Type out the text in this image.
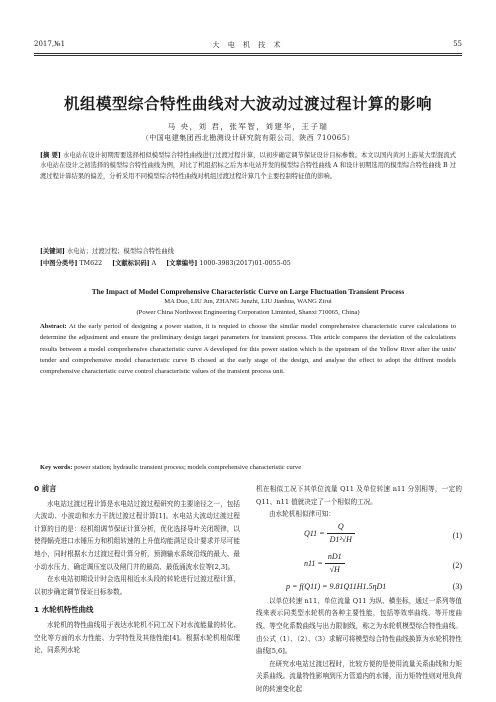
2017,№1	大 电 机 技 术	55
机组模型综合特性曲线对大波动过渡过程计算的影响
马 央，刘 君，张军智，刘建华，王子瑞
（中国电建集团西北勘测设计研究院有限公司，陕西 710065）
[摘 要] 水电站在设计初期需要选择相似模型综合特性曲线进行过渡过程计算，以初步确定调节保证设计目标参数。本文以国内黄河上游某大型混流式水电站在设计之初选择的模型综合特性曲线为例，对比了机组招标之后为本电站开发的模型综合特性曲线 A 和设计初期选用的模型综合特性曲线 B 过渡过程计算结果的偏差，分析采用不同模型综合特性曲线对机组过渡过程计算几个主要控制特征值的影响。
[关键词] 水电站；过渡过程；模型综合特性曲线
[中图分类号] TM622 [文献标识码] A [文章编号] 1000-3983(2017)01-0055-05
The Impact of Model Comprehensive Characteristic Curve on Large Fluctuation Transient Process
MA Duo, LIU Jun, ZHANG Junzhi, LIU Jianhua, WANG Zirui
(Power China Northwest Engineering Corporation Liminted, Shanxi 710065, China)
Abstract: At the early period of designing a power station, it is requied to choose the similar model comprehensive characteristic curve calculations to determine the adjustment and ensure the preliminary design target parameters for transient process. This article compares the deviation of the calculations results between a model comprehensive characteristic curve A developed for this power station which is the upstream of the Yellow River after the units' tender and comprehensive model characteristic curve B chosed at the early stage of the design, and analyse the effect to adopt the diffrent models comprehensive characteristic curve control characteristic values of the transient process unit.
Key words: power station; hydraulic transient process; models comprehensive characteristic curve
0 前言
水电站过渡过程计算是水电站过渡过程研究的主要途径之一，包括大波动、小波动和水力干扰过渡过程计算[1]。水电站大波动过渡过程计算的目的是：经机组调节保证计算分析，优化选择导叶关闭规律，以使得蜗壳进口水锤压力和机组转速的上升值均能满足设计要求并尽可能地小，同时根据水力过渡过程计算分析，预测输水系统沿线的最大、最小动水压力，确定调压室以及闸门井的最高、最低涌波水位等[2,3]。
在水电站初期设计时会选用相近水头段的转轮进行过渡过程计算，以初步确定调节保证目标参数。
1 水轮机特性曲线
水轮机的特性曲线用于表达水轮机不同工况下对水流能量的转化、空化等方面的水力性能、力学特性及其他性能[4]。根据水轮机相似理论，同系列水轮
机在相似工况下其单位流量 Q11 及单位转速 n11 分别相等，一定的 Q11、n11 值就决定了一个相似的工况。
由水轮机相似律可知：
$Q11 = \frac{Q}{\text{D1²√H}}$	(1)
$n11 = \frac{nD1}{√H}$	(2)
p = f(Q11) = 9.81Q11H1.5ηD1	(3)
以单位转速 n11、单位流量 Q11 为纵、横坐标，通过一系列等值线来表示同类型水轮机的各种主要性能，包括等效率曲线、等开度曲线、等空化系数曲线与出力限制线，称之为水轮机模型综合特性曲线。由公式（1）、（2）、（3）求解可将模型综合特性曲线换算为水轮机特性曲线[5,6]。
在研究水电站过渡过程时，比较方便的是使用流量关系曲线和力矩关系曲线。流量特性影响到压力管道内的水锤，而力矩特性则对甩负荷时的转速变化起
